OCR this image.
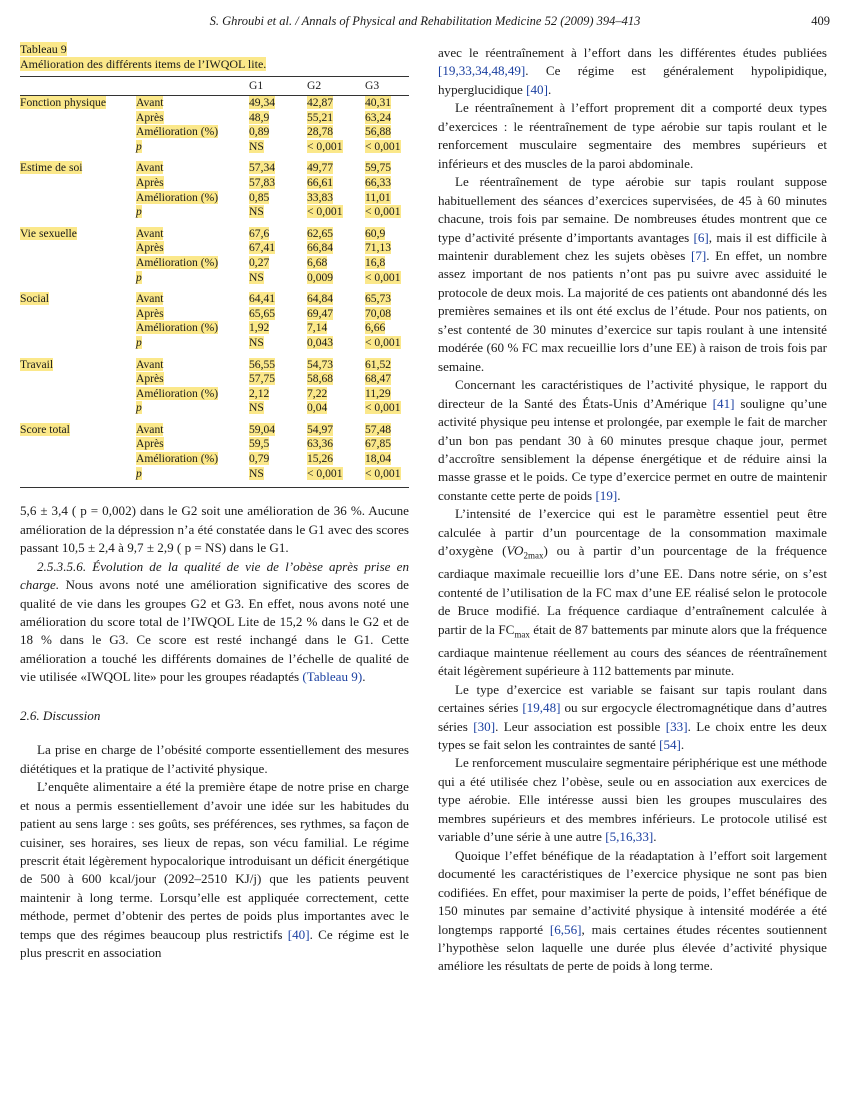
S. Ghroubi et al. / Annals of Physical and Rehabilitation Medicine 52 (2009) 394–413	409
Tableau 9
Amélioration des différents items de l’IWQOL lite.
		G1	G2	G3
Fonction physique	Avant	49,34	42,87	40,31
	Après	48,9	55,21	63,24
	Amélioration (%)	0,89	28,78	56,88
	p	NS	< 0,001	< 0,001

Estime de soi	Avant	57,34	49,77	59,75
	Après	57,83	66,61	66,33
	Amélioration (%)	0,85	33,83	11,01
	p	NS	< 0,001	< 0,001

Vie sexuelle	Avant	67,6	62,65	60,9
	Après	67,41	66,84	71,13
	Amélioration (%)	0,27	6,68	16,8
	p	NS	0,009	< 0,001

Social	Avant	64,41	64,84	65,73
	Après	65,65	69,47	70,08
	Amélioration (%)	1,92	7,14	6,66
	p	NS	0,043	< 0,001

Travail	Avant	56,55	54,73	61,52
	Après	57,75	58,68	68,47
	Amélioration (%)	2,12	7,22	11,29
	p	NS	0,04	< 0,001

Score total	Avant	59,04	54,97	57,48
	Après	59,5	63,36	67,85
	Amélioration (%)	0,79	15,26	18,04
	p	NS	< 0,001	< 0,001

5,6 ± 3,4 ( p = 0,002) dans le G2 soit une amélioration de 36 %. Aucune amélioration de la dépression n’a été constatée dans le G1 avec des scores passant 10,5 ± 2,4 à 9,7 ± 2,9 ( p = NS) dans le G1.

2.5.3.5.6. Évolution de la qualité de vie de l’obèse après prise en charge. Nous avons noté une amélioration significative des scores de qualité de vie dans les groupes G2 et G3. En effet, nous avons noté une amélioration du score total de l’IWQOL Lite de 15,2 % dans le G2 et de 18 % dans le G3. Ce score est resté inchangé dans le G1. Cette amélioration a touché les différents domaines de l’échelle de qualité de vie utilisée «IWQOL lite» pour les groupes réadaptés (Tableau 9).

2.6. Discussion

La prise en charge de l’obésité comporte essentiellement des mesures diététiques et la pratique de l’activité physique.

L’enquête alimentaire a été la première étape de notre prise en charge et nous a permis essentiellement d’avoir une idée sur les habitudes du patient au sens large : ses goûts, ses préférences, ses rythmes, sa façon de cuisiner, ses horaires, ses lieux de repas, son vécu familial. Le régime prescrit était légèrement hypocalorique introduisant un déficit énergétique de 500 à 600 kcal/jour (2092–2510 KJ/j) que les patients peuvent maintenir à long terme. Lorsqu’elle est appliquée correctement, cette méthode, permet d’obtenir des pertes de poids plus importantes avec le temps que des régimes beaucoup plus restrictifs [40]. Ce régime est le plus prescrit en association

avec le réentraînement à l’effort dans les différentes études publiées [19,33,34,48,49]. Ce régime est généralement hypolipidique, hyperglucidique [40].

Le réentraînement à l’effort proprement dit a comporté deux types d’exercices : le réentraînement de type aérobie sur tapis roulant et le renforcement musculaire segmentaire des membres supérieurs et inférieurs et des muscles de la paroi abdominale.

Le réentraînement de type aérobie sur tapis roulant suppose habituellement des séances d’exercices supervisées, de 45 à 60 minutes chacune, trois fois par semaine. De nombreuses études montrent que ce type d’activité présente d’importants avantages [6], mais il est difficile à maintenir durablement chez les sujets obèses [7]. En effet, un nombre assez important de nos patients n’ont pas pu suivre avec assiduité le protocole de deux mois. La majorité de ces patients ont abandonné dés les premières semaines et ils ont été exclus de l’étude. Pour nos patients, on s’est contenté de 30 minutes d’exercice sur tapis roulant à une intensité modérée (60 % FC max recueillie lors d’une EE) à raison de trois fois par semaine.

Concernant les caractéristiques de l’activité physique, le rapport du directeur de la Santé des États-Unis d’Amérique [41] souligne qu’une activité physique peu intense et prolongée, par exemple le fait de marcher d’un bon pas pendant 30 à 60 minutes presque chaque jour, permet d’accroître sensiblement la dépense énergétique et de réduire ainsi la masse grasse et le poids. Ce type d’exercice permet en outre de maintenir constante cette perte de poids [19].

L’intensité de l’exercice qui est le paramètre essentiel peut être calculée à partir d’un pourcentage de la consommation maximale d’oxygène $(VO_{2max})$ ou à partir d’un pourcentage de la fréquence cardiaque maximale recueillie lors d’une EE. Dans notre série, on s’est contenté de l’utilisation de la FC max d’une EE réalisé selon le protocole de Bruce modifié. La fréquence cardiaque d’entraînement calculée à partir de la $FC_{max}$ était de 87 battements par minute alors que la fréquence cardiaque maintenue réellement au cours des séances de réentraînement était légèrement supérieure à 112 battements par minute.

Le type d’exercice est variable se faisant sur tapis roulant dans certaines séries [19,48] ou sur ergocycle électromagnétique dans d’autres séries [30]. Leur association est possible [33]. Le choix entre les deux types se fait selon les contraintes de santé [54].

Le renforcement musculaire segmentaire périphérique est une méthode qui a été utilisée chez l’obèse, seule ou en association aux exercices de type aérobie. Elle intéresse aussi bien les groupes musculaires des membres supérieurs et des membres inférieurs. Le protocole utilisé est variable d’une série à une autre [5,16,33].

Quoique l’effet bénéfique de la réadaptation à l’effort soit largement documenté les caractéristiques de l’exercice physique ne sont pas bien codifiées. En effet, pour maximiser la perte de poids, l’effet bénéfique de 150 minutes par semaine d’activité physique à intensité modérée a été longtemps rapporté [6,56], mais certaines études récentes soutiennent l’hypothèse selon laquelle une durée plus élevée d’activité physique améliore les résultats de perte de poids à long terme.
